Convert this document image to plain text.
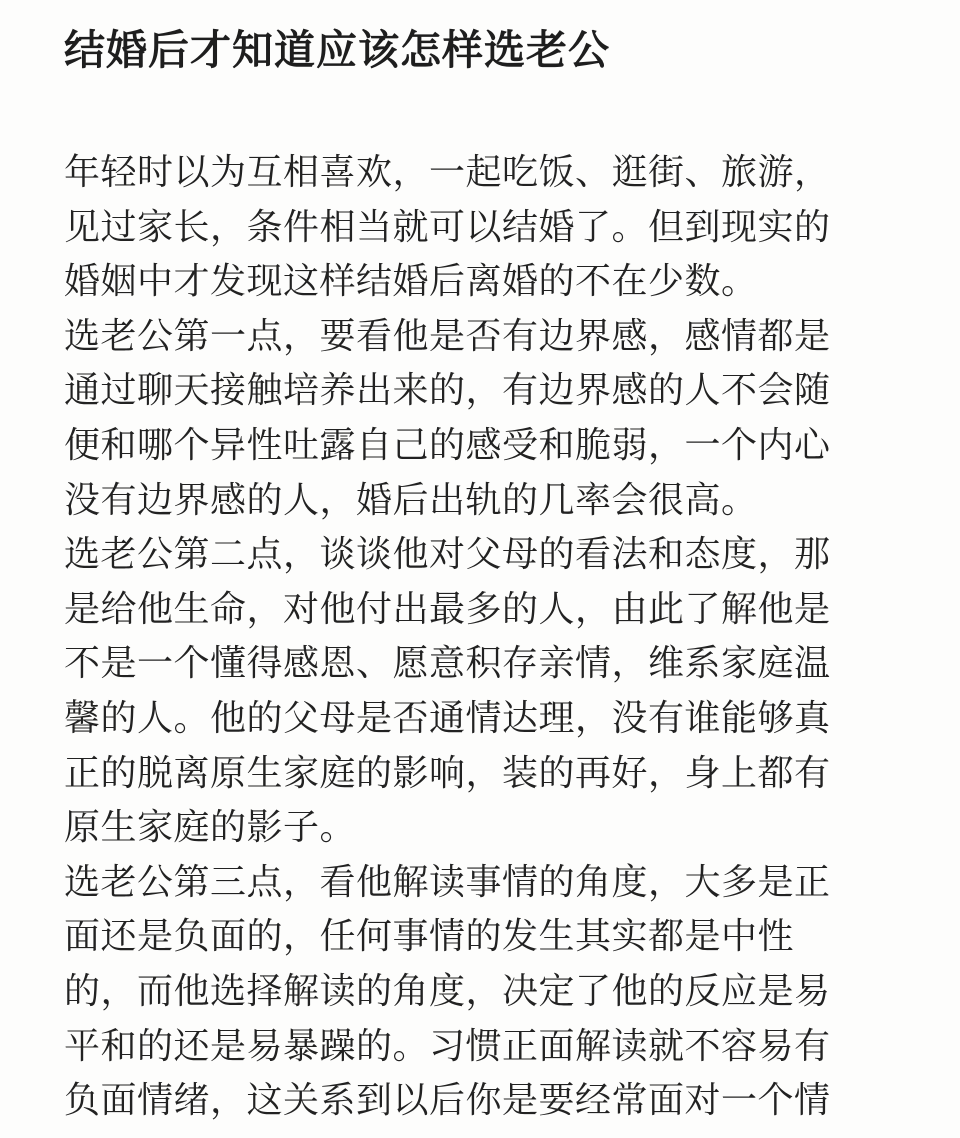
结婚后才知道应该怎样选老公
年轻时以为互相喜欢，一起吃饭、逛街、旅游，
见过家长，条件相当就可以结婚了。但到现实的
婚姻中才发现这样结婚后离婚的不在少数。
选老公第一点，要看他是否有边界感，感情都是
通过聊天接触培养出来的，有边界感的人不会随
便和哪个异性吐露自己的感受和脆弱，一个内心
没有边界感的人，婚后出轨的几率会很高。
选老公第二点，谈谈他对父母的看法和态度，那
是给他生命，对他付出最多的人，由此了解他是
不是一个懂得感恩、愿意积存亲情，维系家庭温
馨的人。他的父母是否通情达理，没有谁能够真
正的脱离原生家庭的影响，装的再好，身上都有
原生家庭的影子。
选老公第三点，看他解读事情的角度，大多是正
面还是负面的，任何事情的发生其实都是中性
的，而他选择解读的角度，决定了他的反应是易
平和的还是易暴躁的。习惯正面解读就不容易有
负面情绪，这关系到以后你是要经常面对一个情
